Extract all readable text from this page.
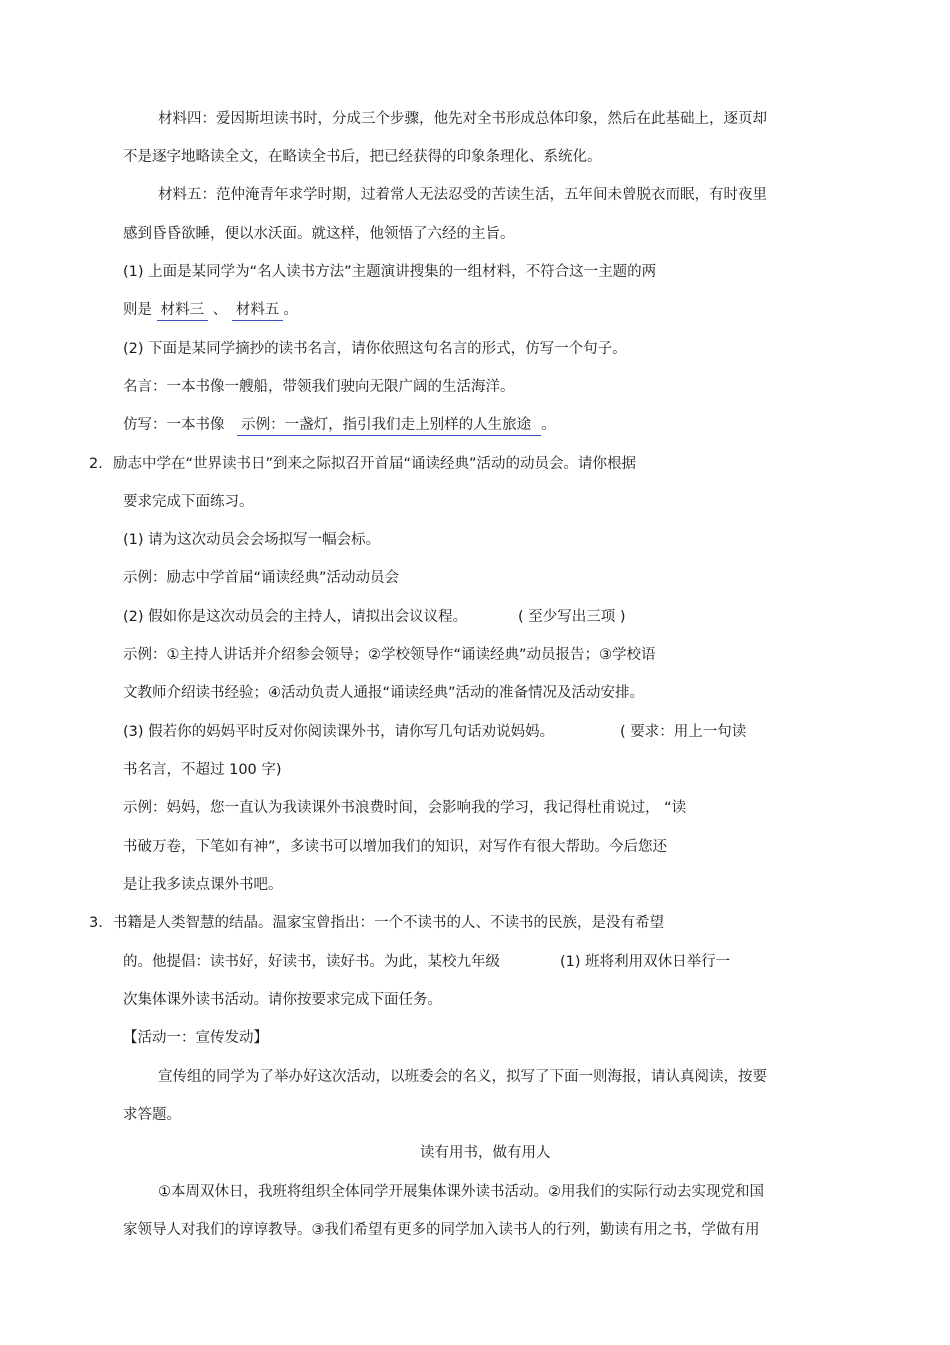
材料四：爱因斯坦读书时，分成三个步骤，他先对全书形成总体印象，然后在此基础上，逐页却
不是逐字地略读全文，在略读全书后，把已经获得的印象条理化、系统化。
材料五：范仲淹青年求学时期，过着常人无法忍受的苦读生活，五年间未曾脱衣而眠，有时夜里
感到昏昏欲睡，便以水沃面。就这样，他领悟了六经的主旨。
(1) 上面是某同学为“名人读书方法”主题演讲搜集的一组材料，不符合这一主题的两
则是 材料三 、 材料五 。
(2) 下面是某同学摘抄的读书名言，请你依照这句名言的形式，仿写一个句子。
名言：一本书像一艘船，带领我们驶向无限广阔的生活海洋。
仿写：一本书像 示例：一盏灯，指引我们走上别样的人生旅途 。
2． 励志中学在“世界读书日”到来之际拟召开首届“诵读经典”活动的动员会。请你根据
要求完成下面练习。
(1) 请为这次动员会会场拟写一幅会标。
示例：励志中学首届“诵读经典”活动动员会
(2) 假如你是这次动员会的主持人，请拟出会议议程。	( 至少写出三项 )
示例：①主持人讲话并介绍参会领导；②学校领导作“诵读经典”动员报告；③学校语
文教师介绍读书经验；④活动负责人通报“诵读经典”活动的准备情况及活动安排。
(3) 假若你的妈妈平时反对你阅读课外书，请你写几句话劝说妈妈。	( 要求：用上一句读
书名言，不超过 100 字)
示例：妈妈，您一直认为我读课外书浪费时间，会影响我的学习，我记得杜甫说过， “读
书破万卷，下笔如有神”，多读书可以增加我们的知识，对写作有很大帮助。今后您还
是让我多读点课外书吧。
3． 书籍是人类智慧的结晶。温家宝曾指出：一个不读书的人、不读书的民族，是没有希望
的。他提倡：读书好，好读书，读好书。为此，某校九年级	(1) 班将利用双休日举行一
次集体课外读书活动。请你按要求完成下面任务。
【活动一：宣传发动】
宣传组的同学为了举办好这次活动，以班委会的名义，拟写了下面一则海报，请认真阅读，按要
求答题。
读有用书，做有用人
①本周双休日，我班将组织全体同学开展集体课外读书活动。②用我们的实际行动去实现党和国
家领导人对我们的谆谆教导。③我们希望有更多的同学加入读书人的行列，勤读有用之书，学做有用
